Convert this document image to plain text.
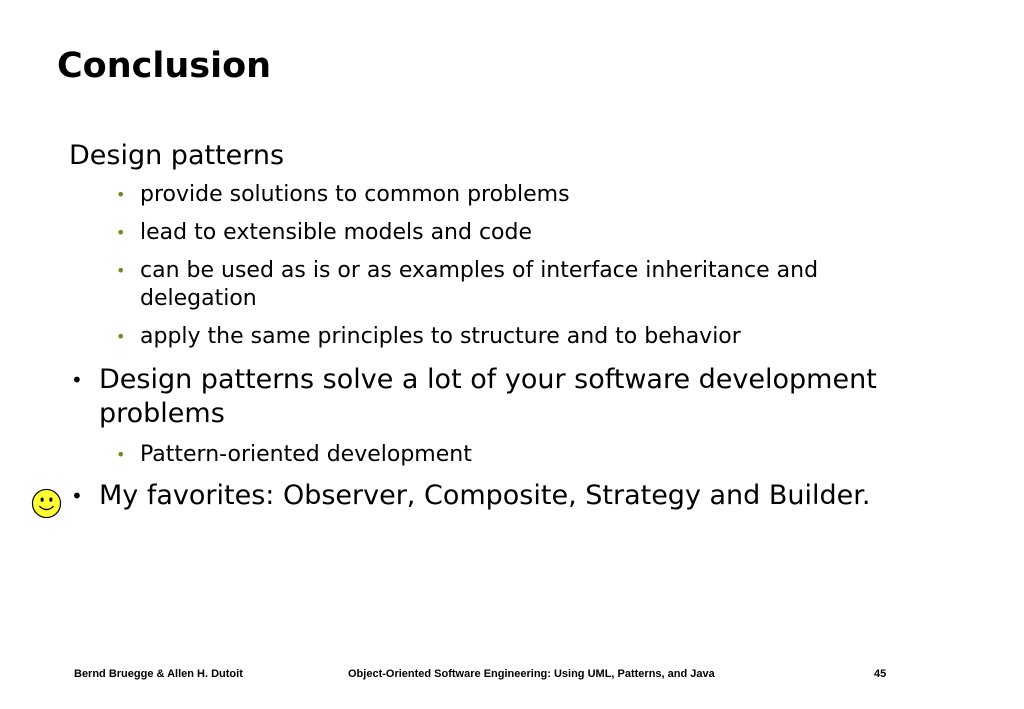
Conclusion
Design patterns
• provide solutions to common problems
• lead to extensible models and code
• can be used as is or as examples of interface inheritance and delegation
• apply the same principles to structure and to behavior
• Design patterns solve a lot of your software development problems
• Pattern-oriented development
• My favorites: Observer, Composite, Strategy and Builder.
Bernd Bruegge & Allen H. Dutoit	Object-Oriented Software Engineering: Using UML, Patterns, and Java	45
